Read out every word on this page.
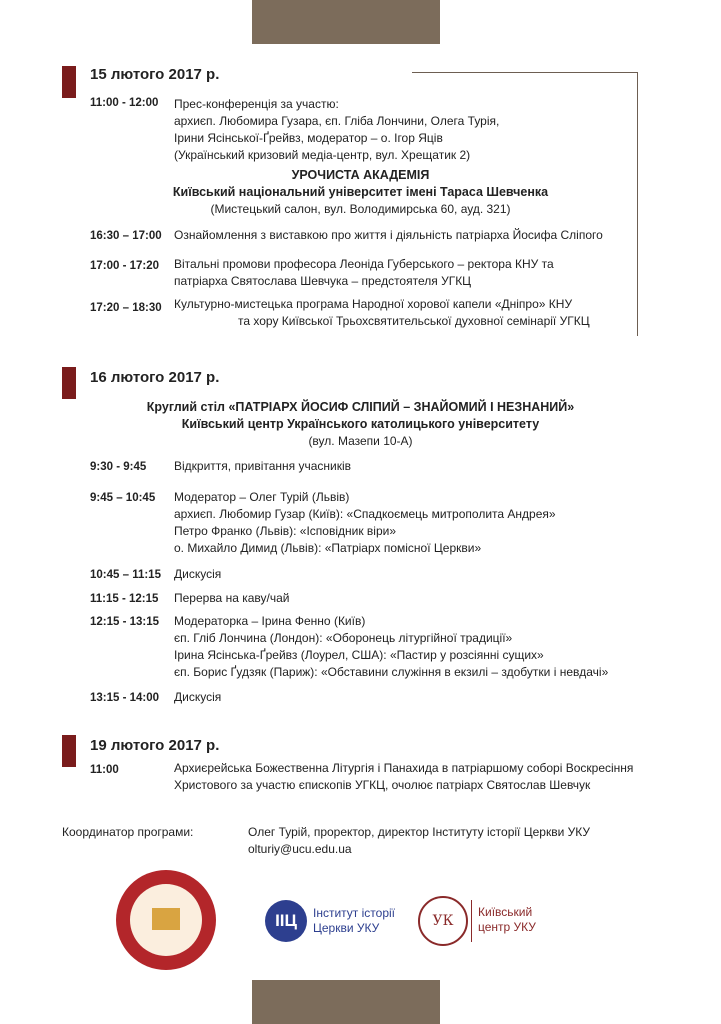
15 лютого 2017 р.
11:00 - 12:00 Прес-конференція за участю:
архиєп. Любомира Гузара, єп. Гліба Лончини, Олега Турія,
Ірини Ясінської-Ґрейвз, модератор – о. Ігор Яців
(Український кризовий медіа-центр, вул. Хрещатик 2)
УРОЧИСТА АКАДЕМІЯ
Київський національний університет імені Тараса Шевченка
(Мистецький салон, вул. Володимирська 60, ауд. 321)
16:30 – 17:00 Ознайомлення з виставкою про життя і діяльність патріарха Йосифа Сліпого
17:00 - 17:20 Вітальні промови професора Леоніда Губерського – ректора КНУ та
патріарха Святослава Шевчука – предстоятеля УГКЦ
17:20 – 18:30 Культурно-мистецька програма Народної хорової капели «Дніпро» КНУ
та хору Київської Трьохсвятительської духовної семінарії УГКЦ
16 лютого 2017 р.
Круглий стіл «ПАТРІАРХ ЙОСИФ СЛІПИЙ – ЗНАЙОМИЙ І НЕЗНАНИЙ»
Київський центр Українського католицького університету
(вул. Мазепи 10-А)
9:30 - 9:45 Відкриття, привітання учасників
9:45 – 10:45 Модератор – Олег Турій (Львів)
архиєп. Любомир Гузар (Київ): «Спадкоємець митрополита Андрея»
Петро Франко (Львів): «Ісповідник віри»
о. Михайло Димид (Львів): «Патріарх помісної Церкви»
10:45 – 11:15 Дискусія
11:15 - 12:15 Перерва на каву/чай
12:15 - 13:15 Модераторка – Ірина Фенно (Київ)
єп. Гліб Лончина (Лондон): «Оборонець літургійної традиції»
Ірина Ясінська-Ґрейвз (Лоурел, США): «Пастир у розсіянні сущих»
єп. Борис Ґудзяк (Париж): «Обставини служіння в екзилі – здобутки і невдачі»
13:15 - 14:00 Дискусія
19 лютого 2017 р.
11:00	Архиєрейська Божественна Літургія і Панахида в патріаршому соборі Воскресіння
Христового за участю єпископів УГКЦ, очолює патріарх Святослав Шевчук
Координатор програми:	Олег Турій, проректор, директор Інституту історії Церкви УКУ
olturiy@ucu.edu.ua
ІІЦ	Інститут історії
Церкви УКУ	УК
Київський
центр УКУ
